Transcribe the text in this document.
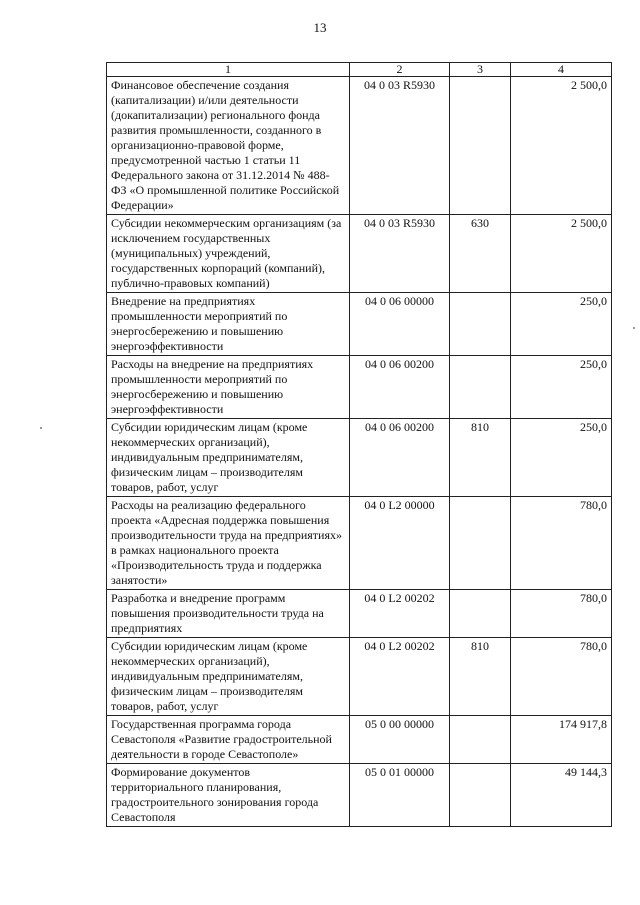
13
1	2	3	4
Финансовое обеспечение создания (капитализации) и/или деятельности (докапитализации) регионального фонда развития промышленности, созданного в организационно-правовой форме, предусмотренной частью 1 статьи 11 Федерального закона от 31.12.2014 № 488-ФЗ «О промышленной политике Российской Федерации»	04 0 03 R5930		2 500,0
Субсидии некоммерческим организациям (за исключением государственных (муниципальных) учреждений, государственных корпораций (компаний), публично-правовых компаний)	04 0 03 R5930	630	2 500,0
Внедрение на предприятиях промышленности мероприятий по энергосбережению и повышению энергоэффективности	04 0 06 00000		250,0
Расходы на внедрение на предприятиях промышленности мероприятий по энергосбережению и повышению энергоэффективности	04 0 06 00200		250,0
Субсидии юридическим лицам (кроме некоммерческих организаций), индивидуальным предпринимателям, физическим лицам – производителям товаров, работ, услуг	04 0 06 00200	810	250,0
Расходы на реализацию федерального проекта «Адресная поддержка повышения производительности труда на предприятиях» в рамках национального проекта «Производительность труда и поддержка занятости»	04 0 L2 00000		780,0
Разработка и внедрение программ повышения производительности труда на предприятиях	04 0 L2 00202		780,0
Субсидии юридическим лицам (кроме некоммерческих организаций), индивидуальным предпринимателям, физическим лицам – производителям товаров, работ, услуг	04 0 L2 00202	810	780,0
Государственная программа города Севастополя «Развитие градостроительной деятельности в городе Севастополе»	05 0 00 00000		174 917,8
Формирование документов территориального планирования, градостроительного зонирования города Севастополя	05 0 01 00000		49 144,3
